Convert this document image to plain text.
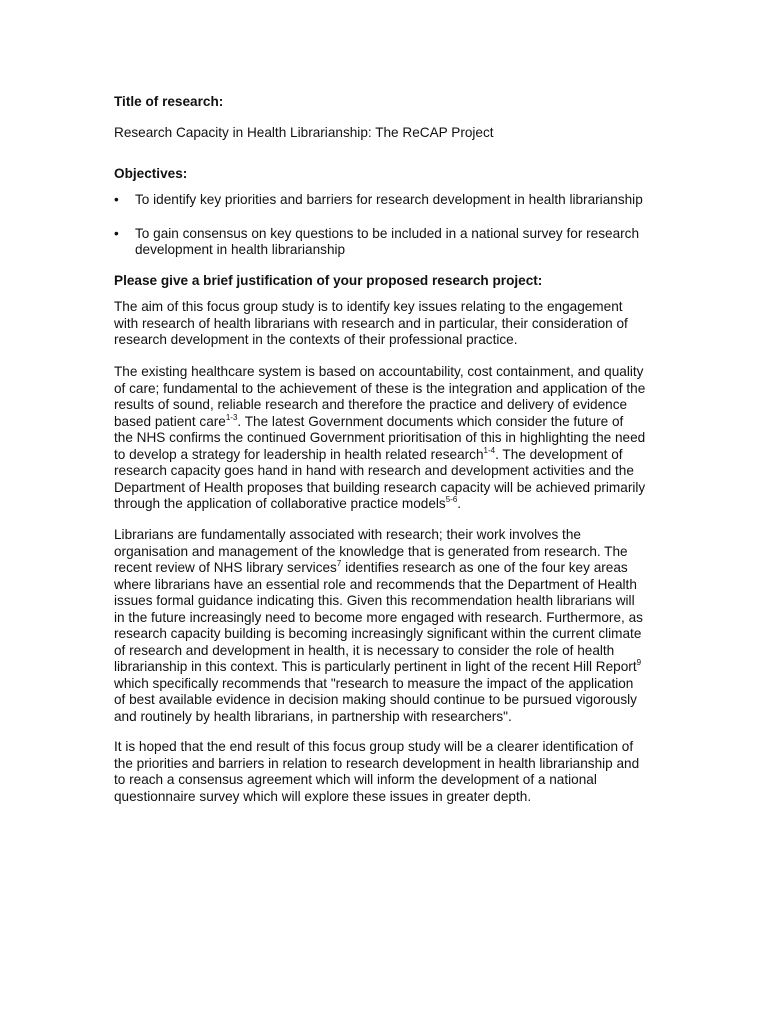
Title of research:
Research Capacity in Health Librarianship: The ReCAP Project
Objectives:
• To identify key priorities and barriers for research development in health librarianship
• To gain consensus on key questions to be included in a national survey for research
development in health librarianship
Please give a brief justification of your proposed research project:
The aim of this focus group study is to identify key issues relating to the engagement
with research of health librarians with research and in particular, their consideration of
research development in the contexts of their professional practice.
The existing healthcare system is based on accountability, cost containment, and quality
of care; fundamental to the achievement of these is the integration and application of the
results of sound, reliable research and therefore the practice and delivery of evidence
based patient care$^{1-3}$. The latest Government documents which consider the future of
the NHS confirms the continued Government prioritisation of this in highlighting the need
to develop a strategy for leadership in health related research$^{1-4}$. The development of
research capacity goes hand in hand with research and development activities and the
Department of Health proposes that building research capacity will be achieved primarily
through the application of collaborative practice models$^{5-6}$.
Librarians are fundamentally associated with research; their work involves the
organisation and management of the knowledge that is generated from research. The
recent review of NHS library services$^7$ identifies research as one of the four key areas
where librarians have an essential role and recommends that the Department of Health
issues formal guidance indicating this. Given this recommendation health librarians will
in the future increasingly need to become more engaged with research. Furthermore, as
research capacity building is becoming increasingly significant within the current climate
of research and development in health, it is necessary to consider the role of health
librarianship in this context. This is particularly pertinent in light of the recent Hill Report$^9$
which specifically recommends that "research to measure the impact of the application
of best available evidence in decision making should continue to be pursued vigorously
and routinely by health librarians, in partnership with researchers".
It is hoped that the end result of this focus group study will be a clearer identification of
the priorities and barriers in relation to research development in health librarianship and
to reach a consensus agreement which will inform the development of a national
questionnaire survey which will explore these issues in greater depth.
